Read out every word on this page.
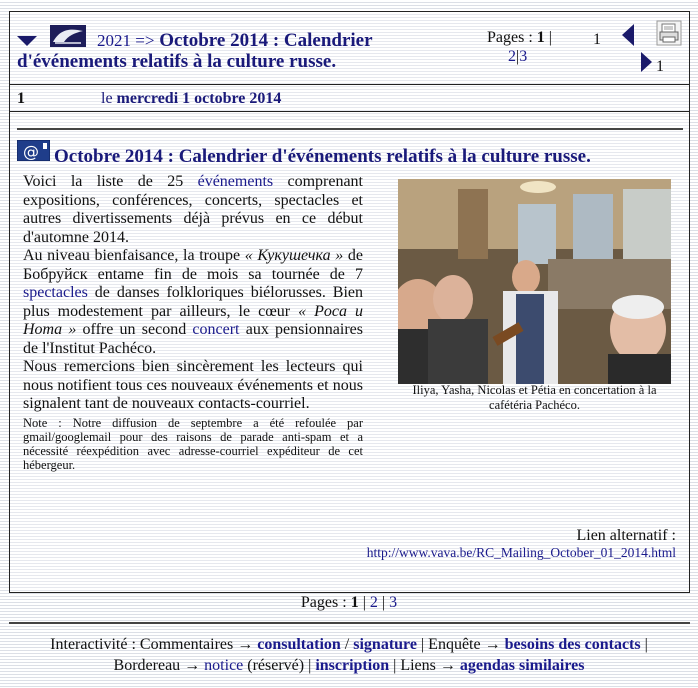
2021 => Octobre 2014 : Calendrier d'événements relatifs à la culture russe.
Pages : 1 |
2|3
1
1
1	le mercredi 1 octobre 2014
@ Octobre 2014 : Calendrier d'événements relatifs à la culture russe.

Voici la liste de 25 événements comprenant expositions, conférences, concerts, spectacles et autres divertissements déjà prévus en ce début d'automne 2014.

Au niveau bienfaisance, la troupe « Кукушечка » de Бобруйск entame fin de mois sa tournée de 7 spectacles de danses folkloriques biélorusses. Bien plus modestement par ailleurs, le cœur « Poca и Homa » offre un second concert aux pensionnaires de l'Institut Pachéco.

Nous remercions bien sincèrement les lecteurs qui nous notifient tous ces nouveaux événements et nous signalent tant de nouveaux contacts-courriel.

Note : Notre diffusion de septembre a été refoulée par gmail/googlemail pour des raisons de parade anti-spam et a nécessité réexpédition avec adresse-courriel expéditeur de cet hébergeur.

Iliya, Yasha, Nicolas et Pétia en concertation à la cafétéria Pachéco.
Lien alternatif :
http://www.vava.be/RC_Mailing_October_01_2014.html
Pages : 1 | 2 | 3
Interactivité : Commentaires → consultation / signature | Enquête → besoins des contacts |
Bordereau → notice (réservé) | inscription | Liens → agendas similaires
